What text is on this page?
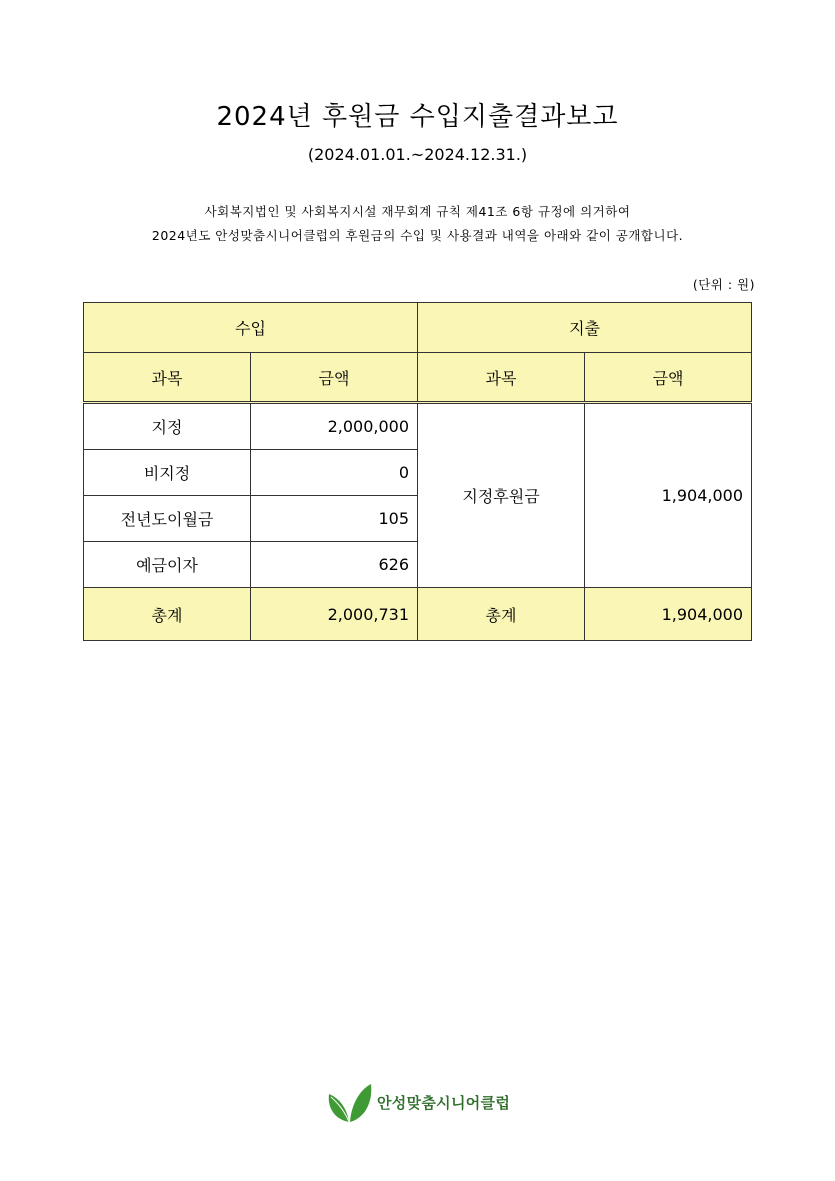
2024년 후원금 수입지출결과보고
(2024.01.01.~2024.12.31.)
사회복지법인 및 사회복지시설 재무회계 규칙 제41조 6항 규정에 의거하여
2024년도 안성맞춤시니어클럽의 후원금의 수입 및 사용결과 내역을 아래와 같이 공개합니다.
(단위 : 원)
수입		지출	
과목	금액	과목	금액
지정	2,000,000	지정후원금	1,904,000
비지정	0		
전년도이월금	105		
예금이자	626		
총계	2,000,731	총계	1,904,000
안성맞춤시니어클럽
